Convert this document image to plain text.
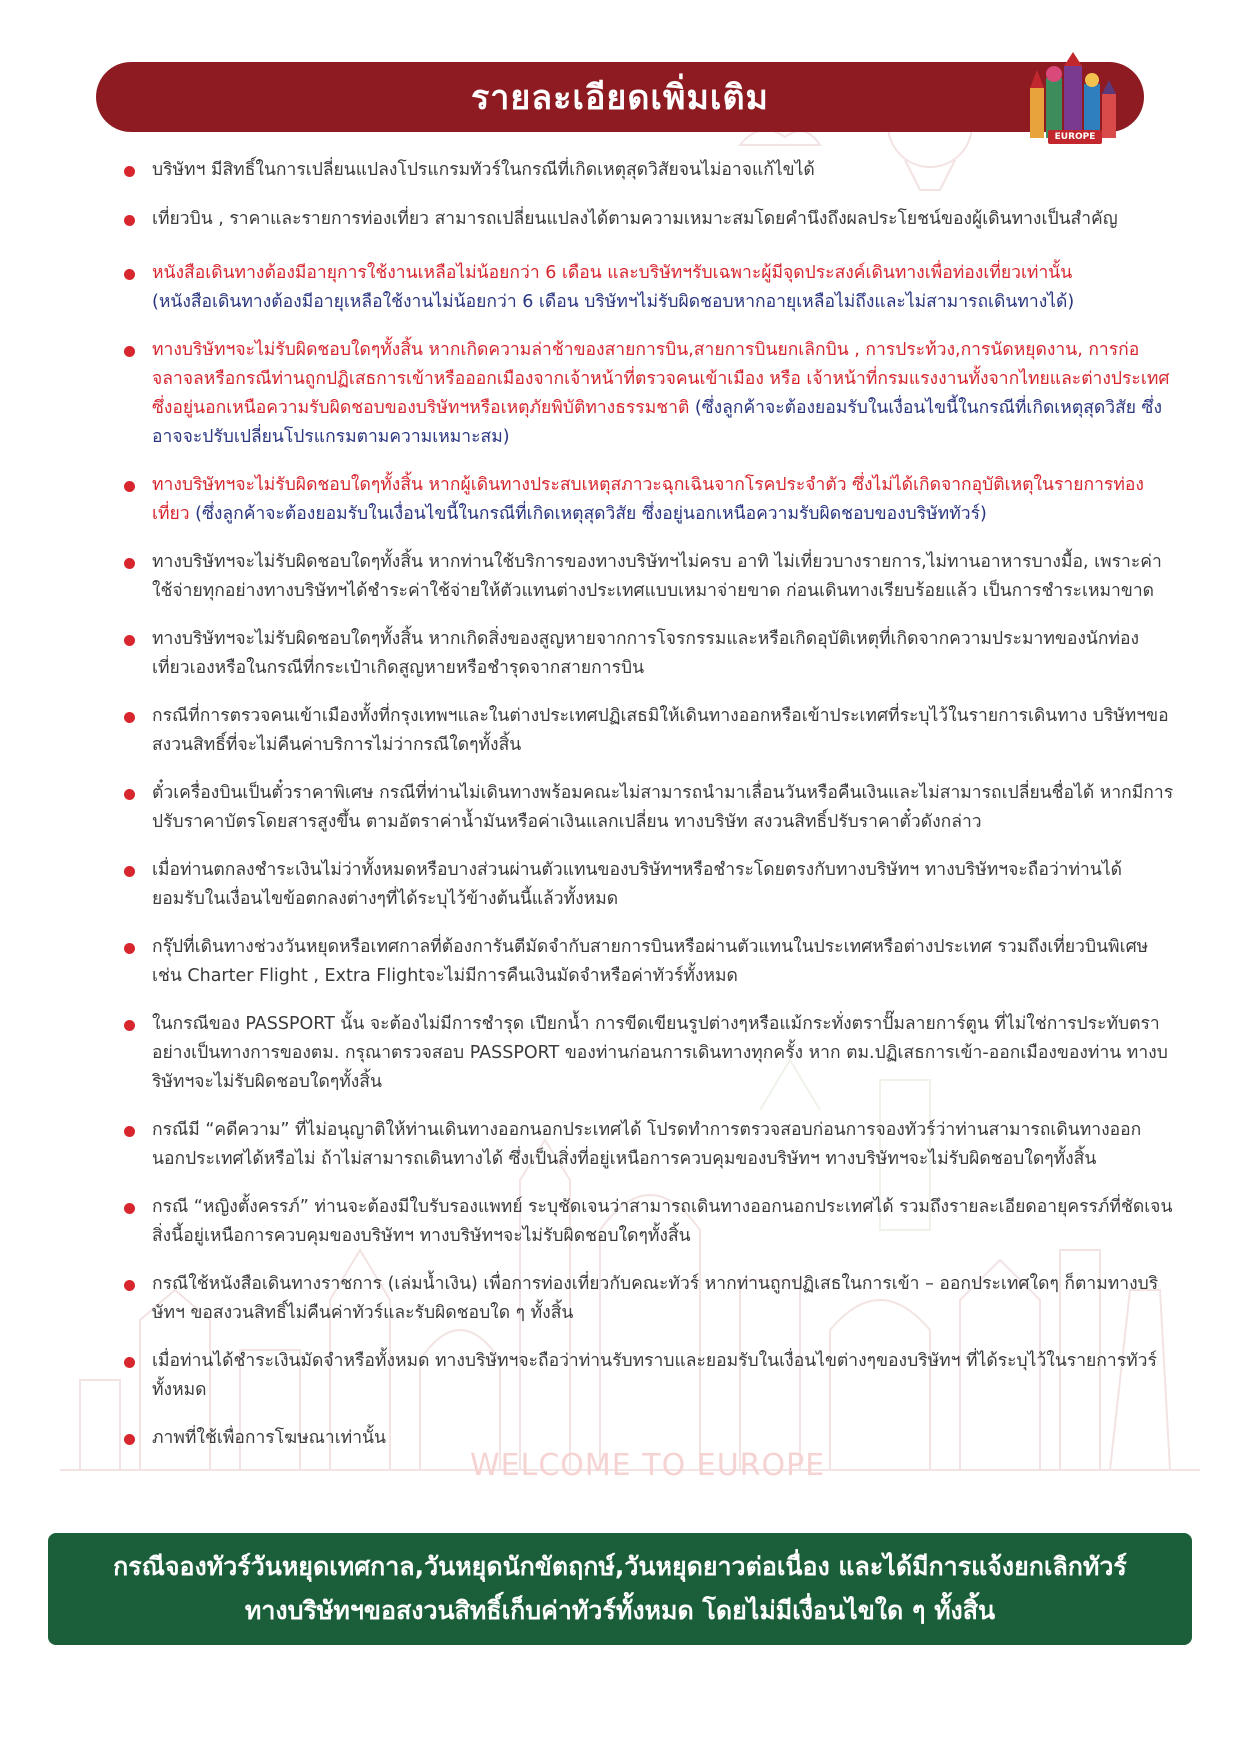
รายละเอียดเพิ่มเติม
EUROPE
บริษัทฯ มีสิทธิ์ในการเปลี่ยนแปลงโปรแกรมทัวร์ในกรณีที่เกิดเหตุสุดวิสัยจนไม่อาจแก้ไขได้
เที่ยวบิน , ราคาและรายการท่องเที่ยว สามารถเปลี่ยนแปลงได้ตามความเหมาะสมโดยคำนึงถึงผลประโยชน์ของผู้เดินทางเป็นสำคัญ
หนังสือเดินทางต้องมีอายุการใช้งานเหลือไม่น้อยกว่า 6 เดือน และบริษัทฯรับเฉพาะผู้มีจุดประสงค์เดินทางเพื่อท่องเที่ยวเท่านั้น
(หนังสือเดินทางต้องมีอายุเหลือใช้งานไม่น้อยกว่า 6 เดือน บริษัทฯไม่รับผิดชอบหากอายุเหลือไม่ถึงและไม่สามารถเดินทางได้)
ทางบริษัทฯจะไม่รับผิดชอบใดๆทั้งสิ้น หากเกิดความล่าช้าของสายการบิน,สายการบินยกเลิกบิน , การประท้วง,การนัดหยุดงาน, การก่อจลาจลหรือกรณีท่านถูกปฏิเสธการเข้าหรือออกเมืองจากเจ้าหน้าที่ตรวจคนเข้าเมือง หรือ เจ้าหน้าที่กรมแรงงานทั้งจากไทยและต่างประเทศซึ่งอยู่นอกเหนือความรับผิดชอบของบริษัทฯหรือเหตุภัยพิบัติทางธรรมชาติ (ซึ่งลูกค้าจะต้องยอมรับในเงื่อนไขนี้ในกรณีที่เกิดเหตุสุดวิสัย ซึ่งอาจจะปรับเปลี่ยนโปรแกรมตามความเหมาะสม)
ทางบริษัทฯจะไม่รับผิดชอบใดๆทั้งสิ้น หากผู้เดินทางประสบเหตุสภาวะฉุกเฉินจากโรคประจำตัว ซึ่งไม่ได้เกิดจากอุบัติเหตุในรายการท่องเที่ยว (ซึ่งลูกค้าจะต้องยอมรับในเงื่อนไขนี้ในกรณีที่เกิดเหตุสุดวิสัย ซึ่งอยู่นอกเหนือความรับผิดชอบของบริษัททัวร์)
ทางบริษัทฯจะไม่รับผิดชอบใดๆทั้งสิ้น หากท่านใช้บริการของทางบริษัทฯไม่ครบ อาทิ ไม่เที่ยวบางรายการ,ไม่ทานอาหารบางมื้อ, เพราะค่าใช้จ่ายทุกอย่างทางบริษัทฯได้ชำระค่าใช้จ่ายให้ตัวแทนต่างประเทศแบบเหมาจ่ายขาด ก่อนเดินทางเรียบร้อยแล้ว เป็นการชำระเหมาขาด
ทางบริษัทฯจะไม่รับผิดชอบใดๆทั้งสิ้น หากเกิดสิ่งของสูญหายจากการโจรกรรมและหรือเกิดอุบัติเหตุที่เกิดจากความประมาทของนักท่องเที่ยวเองหรือในกรณีที่กระเป๋าเกิดสูญหายหรือชำรุดจากสายการบิน
กรณีที่การตรวจคนเข้าเมืองทั้งที่กรุงเทพฯและในต่างประเทศปฏิเสธมิให้เดินทางออกหรือเข้าประเทศที่ระบุไว้ในรายการเดินทาง บริษัทฯขอสงวนสิทธิ์ที่จะไม่คืนค่าบริการไม่ว่ากรณีใดๆทั้งสิ้น
ตั๋วเครื่องบินเป็นตั๋วราคาพิเศษ กรณีที่ท่านไม่เดินทางพร้อมคณะไม่สามารถนำมาเลื่อนวันหรือคืนเงินและไม่สามารถเปลี่ยนชื่อได้ หากมีการปรับราคาบัตรโดยสารสูงขึ้น ตามอัตราค่าน้ำมันหรือค่าเงินแลกเปลี่ยน ทางบริษัท สงวนสิทธิ์ปรับราคาตั๋วดังกล่าว
เมื่อท่านตกลงชำระเงินไม่ว่าทั้งหมดหรือบางส่วนผ่านตัวแทนของบริษัทฯหรือชำระโดยตรงกับทางบริษัทฯ ทางบริษัทฯจะถือว่าท่านได้ยอมรับในเงื่อนไขข้อตกลงต่างๆที่ได้ระบุไว้ข้างต้นนี้แล้วทั้งหมด
กรุ๊ปที่เดินทางช่วงวันหยุดหรือเทศกาลที่ต้องการันตีมัดจำกับสายการบินหรือผ่านตัวแทนในประเทศหรือต่างประเทศ รวมถึงเที่ยวบินพิเศษ เช่น Charter Flight , Extra Flightจะไม่มีการคืนเงินมัดจำหรือค่าทัวร์ทั้งหมด
ในกรณีของ PASSPORT นั้น จะต้องไม่มีการชำรุด เปียกน้ำ การขีดเขียนรูปต่างๆหรือแม้กระทั่งตราปั๊มลายการ์ตูน ที่ไม่ใช่การประทับตราอย่างเป็นทางการของตม. กรุณาตรวจสอบ PASSPORT ของท่านก่อนการเดินทางทุกครั้ง หาก ตม.ปฏิเสธการเข้า-ออกเมืองของท่าน ทางบริษัทฯจะไม่รับผิดชอบใดๆทั้งสิ้น
กรณีมี “คดีความ” ที่ไม่อนุญาติให้ท่านเดินทางออกนอกประเทศได้ โปรดทำการตรวจสอบก่อนการจองทัวร์ว่าท่านสามารถเดินทางออกนอกประเทศได้หรือไม่ ถ้าไม่สามารถเดินทางได้ ซึ่งเป็นสิ่งที่อยู่เหนือการควบคุมของบริษัทฯ ทางบริษัทฯจะไม่รับผิดชอบใดๆทั้งสิ้น
กรณี “หญิงตั้งครรภ์” ท่านจะต้องมีใบรับรองแพทย์ ระบุชัดเจนว่าสามารถเดินทางออกนอกประเทศได้ รวมถึงรายละเอียดอายุครรภ์ที่ชัดเจน สิ่งนี้อยู่เหนือการควบคุมของบริษัทฯ ทางบริษัทฯจะไม่รับผิดชอบใดๆทั้งสิ้น
กรณีใช้หนังสือเดินทางราชการ (เล่มน้ำเงิน) เพื่อการท่องเที่ยวกับคณะทัวร์ หากท่านถูกปฏิเสธในการเข้า – ออกประเทศใดๆ ก็ตามทางบริษัทฯ ขอสงวนสิทธิ์ไม่คืนค่าทัวร์และรับผิดชอบใด ๆ ทั้งสิ้น
เมื่อท่านได้ชำระเงินมัดจำหรือทั้งหมด ทางบริษัทฯจะถือว่าท่านรับทราบและยอมรับในเงื่อนไขต่างๆของบริษัทฯ ที่ได้ระบุไว้ในรายการทัวร์ทั้งหมด
ภาพที่ใช้เพื่อการโฆษณาเท่านั้น
WELCOME TO EUROPE
กรณีจองทัวร์วันหยุดเทศกาล,วันหยุดนักขัตฤกษ์,วันหยุดยาวต่อเนื่อง และได้มีการแจ้งยกเลิกทัวร์
ทางบริษัทฯขอสงวนสิทธิ์เก็บค่าทัวร์ทั้งหมด โดยไม่มีเงื่อนไขใด ๆ ทั้งสิ้น
